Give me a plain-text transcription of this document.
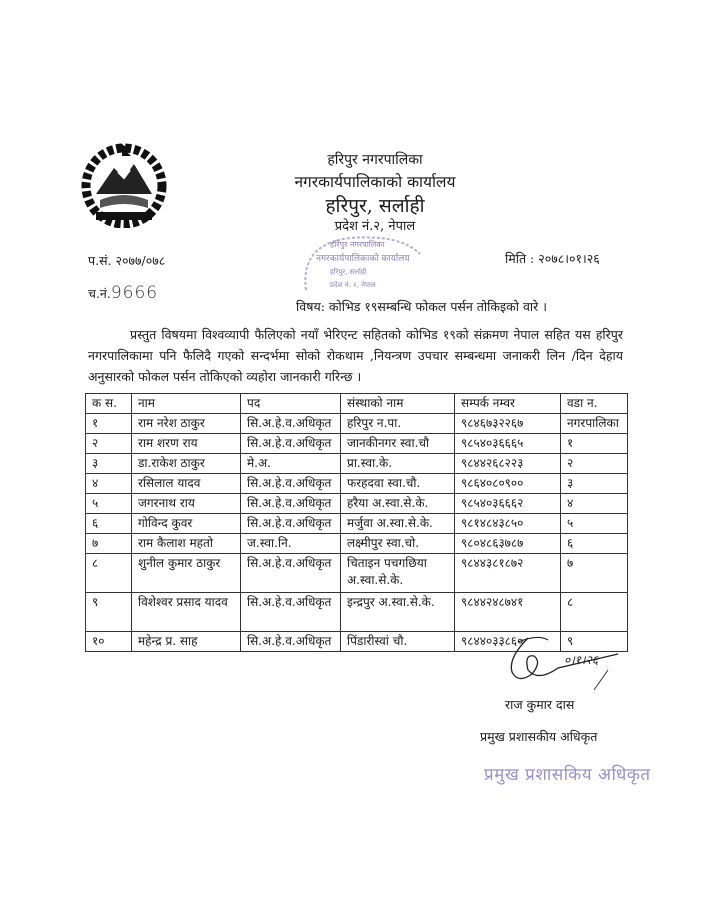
हरिपुर नगरपालिका
नगरकार्यपालिकाको कार्यालय
हरिपुर, सर्लाही
प्रदेश नं.२, नेपाल
हरिपुर नगरपालिका
नगरकार्यपालिकाको कार्यालय
हरिपुर, सर्लाही
प्रदेश नं. २, नेपाल
प.सं. २०७७/०७८	मिति : २०७८।०१।२६
च.नं.9666
विषय: कोभिड १९सम्बन्धि फोकल पर्सन तोकिइको वारे ।
प्रस्तुत विषयमा विश्वव्यापी फैलिएको नयाँ भेरिएन्ट सहितको कोभिड १९को संक्रमण नेपाल सहित यस हरिपुर नगरपालिकामा पनि फैलिदै गएको सन्दर्भमा सोको रोकथाम ,नियन्त्रण उपचार सम्बन्धमा जनाकरी लिन /दिन देहाय अनुसारको फोकल पर्सन तोकिएको व्यहोरा जानकारी गरिन्छ ।
क स.	नाम	पद	संस्थाको नाम	सम्पर्क नम्वर	वडा न.
१	राम नरेश ठाकुर	सि.अ.हे.व.अधिकृत	हरिपुर न.पा.	९८४६७३२२६७	नगरपालिका
२	राम शरण राय	सि.अ.हे.व.अधिकृत	जानकीनगर स्वा.चौ	९८५४०३६६६५	१
३	डा.राकेश ठाकुर	मे.अ.	प्रा.स्वा.के.	९८४४२६८२२३	२
४	रसिलाल यादव	सि.अ.हे.व.अधिकृत	फरहदवा स्वा.चौ.	९८६४०८०९००	३
५	जगरनाथ राय	सि.अ.हे.व.अधिकृत	हरैया अ.स्वा.से.के.	९८५४०३६६६२	४
६	गोविन्द कुवर	सि.अ.हे.व.अधिकृत	मर्जुवा अ.स्वा.से.के.	९८१४८४३८५०	५
७	राम कैलाश महतो	ज.स्वा.नि.	लक्ष्मीपुर स्वा.चो.	९८०४८६३७८७	६
८	शुनील कुमार ठाकुर	सि.अ.हे.व.अधिकृत	चिताइन पचगछिया अ.स्वा.से.के.	९८४४३८१८७२	७
९	विशेश्वर प्रसाद यादव	सि.अ.हे.व.अधिकृत	इन्द्रपुर अ.स्वा.से.के.	९८४४२४८७४१	८
१०	महेन्द्र प्र. साह	सि.अ.हे.व.अधिकृत	पिंडारीस्वां चौ.	९८४४०३३८६०	९
०।१।२६
राज कुमार दास
प्रमुख प्रशासकीय अधिकृत
प्रमुख प्रशासकिय अधिकृत
